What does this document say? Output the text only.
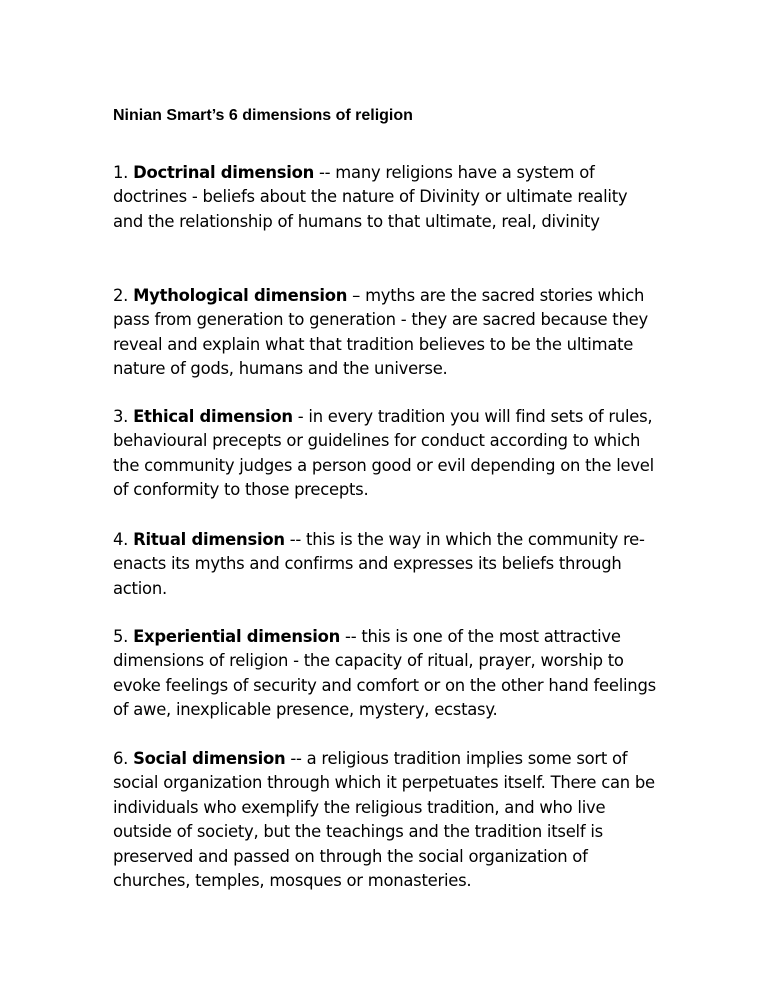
Ninian Smart’s 6 dimensions of religion

1. Doctrinal dimension -- many religions have a system of doctrines - beliefs about the nature of Divinity or ultimate reality and the relationship of humans to that ultimate, real, divinity

2. Mythological dimension – myths are the sacred stories which pass from generation to generation - they are sacred because they reveal and explain what that tradition believes to be the ultimate nature of gods, humans and the universe.

3. Ethical dimension - in every tradition you will find sets of rules, behavioural precepts or guidelines for conduct according to which the community judges a person good or evil depending on the level of conformity to those precepts.

4. Ritual dimension -- this is the way in which the community re-enacts its myths and confirms and expresses its beliefs through action.

5. Experiential dimension -- this is one of the most attractive dimensions of religion - the capacity of ritual, prayer, worship to evoke feelings of security and comfort or on the other hand feelings of awe, inexplicable presence, mystery, ecstasy.

6. Social dimension -- a religious tradition implies some sort of social organization through which it perpetuates itself. There can be individuals who exemplify the religious tradition, and who live outside of society, but the teachings and the tradition itself is preserved and passed on through the social organization of churches, temples, mosques or monasteries.
